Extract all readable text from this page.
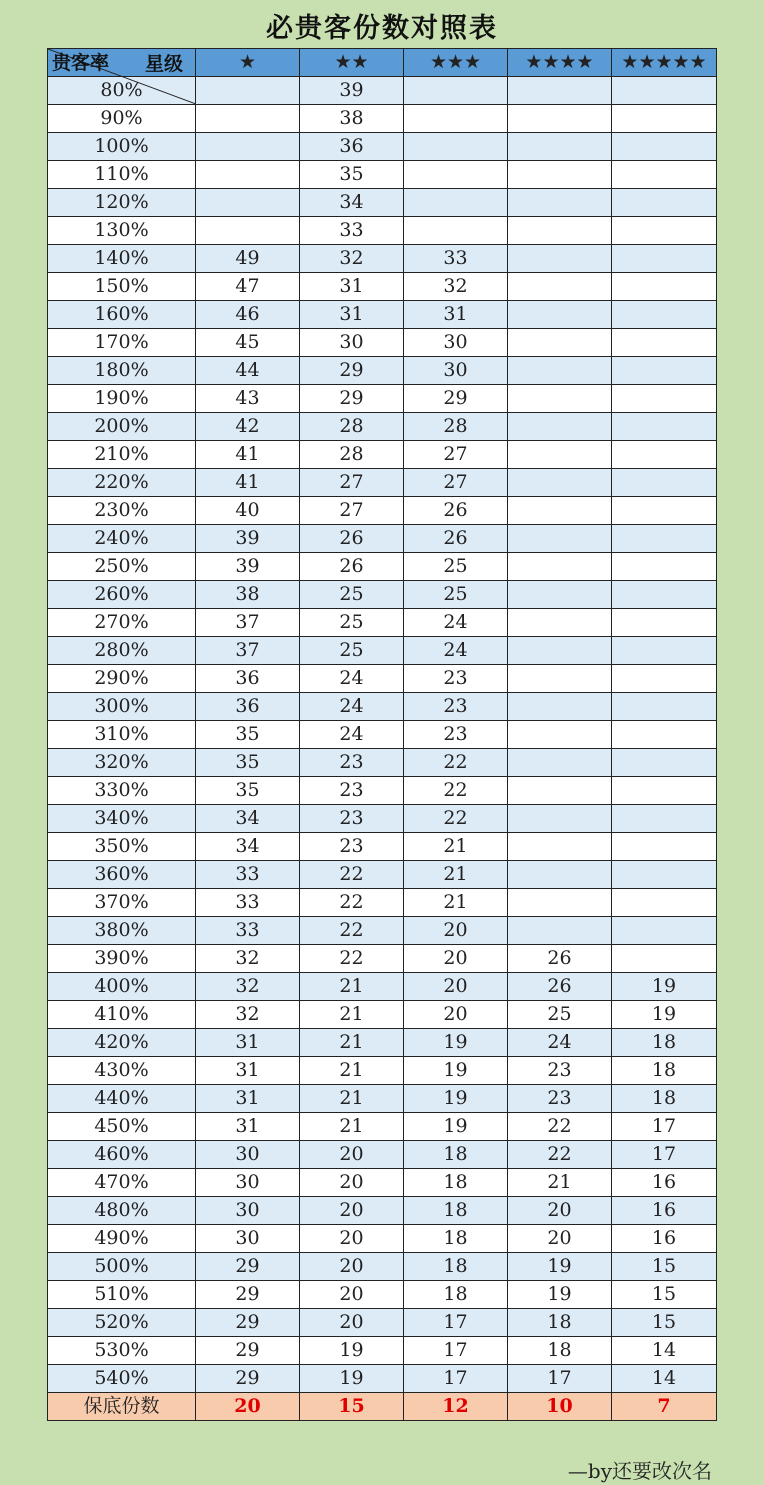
必贵客份数对照表
星级
贵客率	★	★★	★★★	★★★★	★★★★★
80%		39			
90%		38			
100%		36			
110%		35			
120%		34			
130%		33			
140%	49	32	33		
150%	47	31	32		
160%	46	31	31		
170%	45	30	30		
180%	44	29	30		
190%	43	29	29		
200%	42	28	28		
210%	41	28	27		
220%	41	27	27		
230%	40	27	26		
240%	39	26	26		
250%	39	26	25		
260%	38	25	25		
270%	37	25	24		
280%	37	25	24		
290%	36	24	23		
300%	36	24	23		
310%	35	24	23		
320%	35	23	22		
330%	35	23	22		
340%	34	23	22		
350%	34	23	21		
360%	33	22	21		
370%	33	22	21		
380%	33	22	20		
390%	32	22	20	26	
400%	32	21	20	26	19
410%	32	21	20	25	19
420%	31	21	19	24	18
430%	31	21	19	23	18
440%	31	21	19	23	18
450%	31	21	19	22	17
460%	30	20	18	22	17
470%	30	20	18	21	16
480%	30	20	18	20	16
490%	30	20	18	20	16
500%	29	20	18	19	15
510%	29	20	18	19	15
520%	29	20	17	18	15
530%	29	19	17	18	14
540%	29	19	17	17	14
保底份数	20	15	12	10	7
—by还要改次名
